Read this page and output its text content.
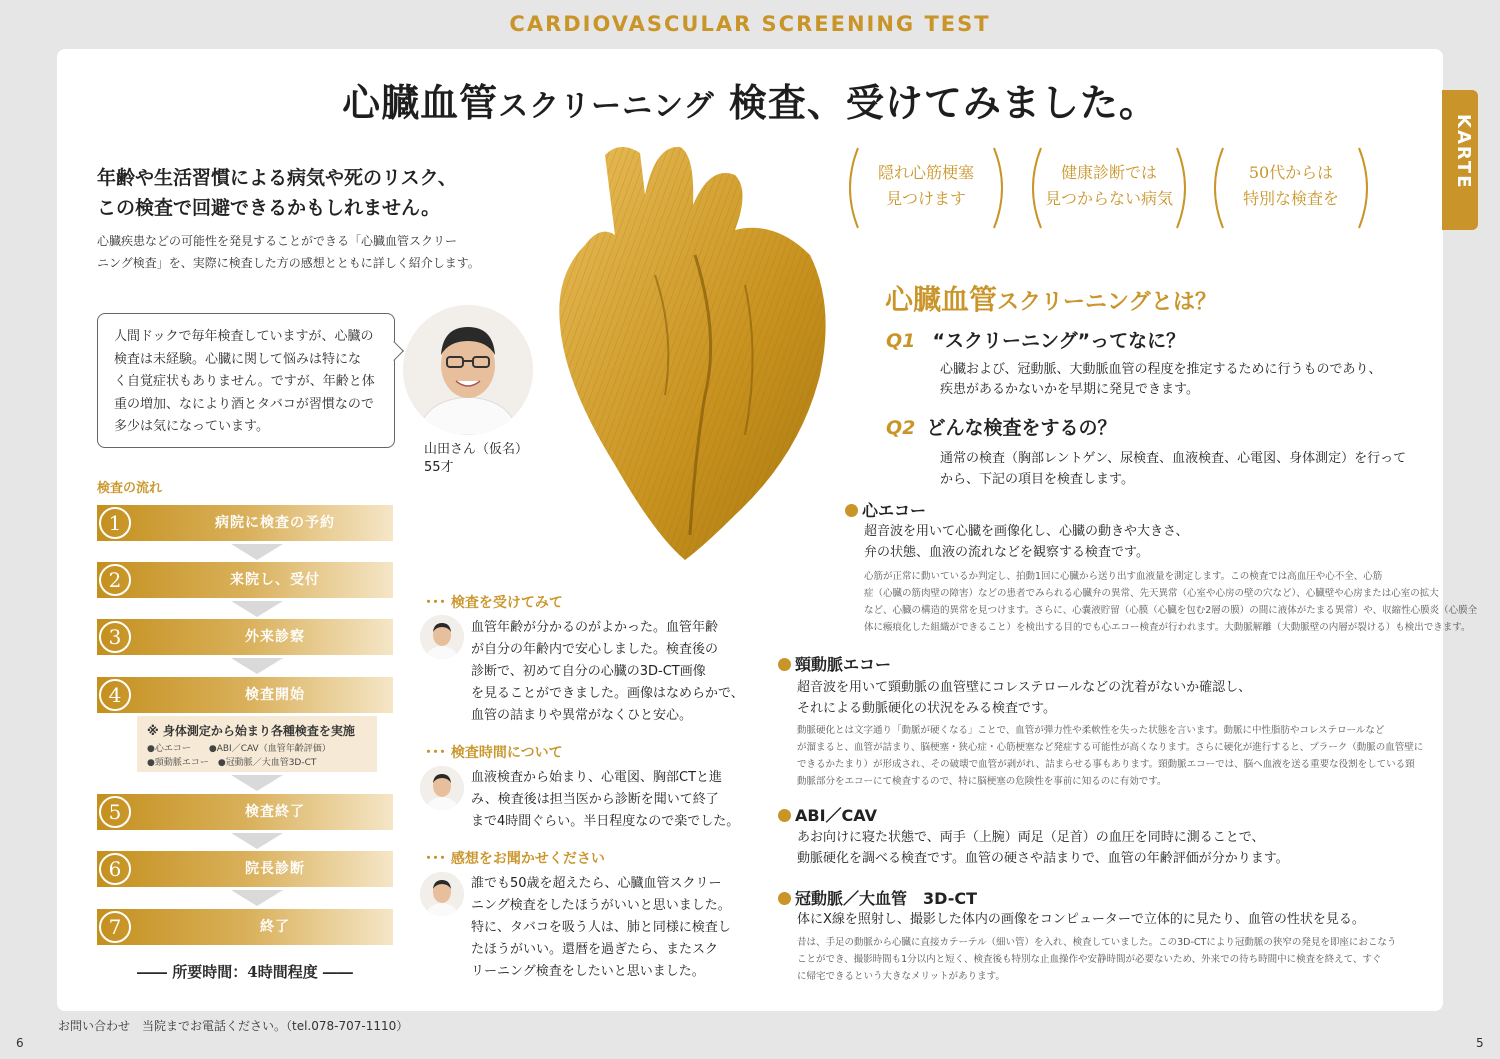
CARDIOVASCULAR SCREENING TEST
KARTE
心臓血管スクリーニング 検査、受けてみました。
年齢や生活習慣による病気や死のリスク、
この検査で回避できるかもしれません。
心臓疾患などの可能性を発見することができる「心臓血管スクリー
ニング検査」を、実際に検査した方の感想とともに詳しく紹介します。
人間ドックで毎年検査していますが、心臓の
検査は未経験。心臓に関して悩みは特にな
く自覚症状もありません。ですが、年齢と体
重の増加、なにより酒とタバコが習慣なので
多少は気になっています。
山田さん（仮名）
55才
隠れ心筋梗塞
見つけます
健康診断では
見つからない病気
50代からは
特別な検査を
心臓血管スクリーニングとは？
Q1 “スクリーニング”ってなに？
心臓および、冠動脈、大動脈血管の程度を推定するために行うものであり、
疾患があるかないかを早期に発見できます。
Q2 どんな検査をするの？
通常の検査（胸部レントゲン、尿検査、血液検査、心電図、身体測定）を行って
から、下記の項目を検査します。
心エコー
超音波を用いて心臓を画像化し、心臓の動きや大きさ、
弁の状態、血液の流れなどを観察する検査です。
心筋が正常に動いているか判定し、拍動1回に心臓から送り出す血液量を測定します。この検査では高血圧や心不全、心筋
症（心臓の筋肉壁の障害）などの患者でみられる心臓弁の異常、先天異常（心室や心房の壁の穴など）、心臓壁や心房または心室の拡大
など、心臓の構造的異常を見つけます。さらに、心嚢液貯留（心膜（心臓を包む2層の膜）の間に液体がたまる異常）や、収縮性心膜炎（心膜全
体に瘢痕化した組織ができること）を検出する目的でも心エコー検査が行われます。大動脈解離（大動脈壁の内層が裂ける）も検出できます。
頸動脈エコー
超音波を用いて頸動脈の血管壁にコレステロールなどの沈着がないか確認し、
それによる動脈硬化の状況をみる検査です。
動脈硬化とは文字通り「動脈が硬くなる」ことで、血管が弾力性や柔軟性を失った状態を言います。動脈に中性脂肪やコレステロールなど
が溜まると、血管が詰まり、脳梗塞・狭心症・心筋梗塞など発症する可能性が高くなります。さらに硬化が進行すると、プラーク（動脈の血管壁に
できるかたまり）が形成され、その破壊で血管が剥がれ、詰まらせる事もあります。頸動脈エコーでは、脳へ血液を送る重要な役割をしている頸
動脈部分をエコーにて検査するので、特に脳梗塞の危険性を事前に知るのに有効です。
ABI／CAV
あお向けに寝た状態で、両手（上腕）両足（足首）の血圧を同時に測ることで、
動脈硬化を調べる検査です。血管の硬さや詰まりで、血管の年齢評価が分かります。
冠動脈／大血管　3D-CT
体にX線を照射し、撮影した体内の画像をコンピューターで立体的に見たり、血管の性状を見る。
昔は、手足の動脈から心臓に直接カテーテル（細い管）を入れ、検査していました。この3D-CTにより冠動脈の狭窄の発見を即座におこなう
ことができ、撮影時間も1分以内と短く、検査後も特別な止血操作や安静時間が必要ないため、外来での待ち時間中に検査を終えて、すぐ
に帰宅できるという大きなメリットがあります。
検査の流れ
1	病院に検査の予約
2	来院し、受付
3	外来診察
4	検査開始
※ 身体測定から始まり各種検査を実施
●心エコー　　●ABI／CAV（血管年齢評価）
●頸動脈エコー　●冠動脈／大血管3D-CT
5	検査終了
6	院長診断
7	終了
―― 所要時間：4時間程度 ――
･･･ 検査を受けてみて
血管年齢が分かるのがよかった。血管年齢
が自分の年齢内で安心しました。検査後の
診断で、初めて自分の心臓の3D-CT画像
を見ることができました。画像はなめらかで、
血管の詰まりや異常がなくひと安心。
･･･ 検査時間について
血液検査から始まり、心電図、胸部CTと進
み、検査後は担当医から診断を聞いて終了
まで4時間ぐらい。半日程度なので楽でした。
･･･ 感想をお聞かせください
誰でも50歳を超えたら、心臓血管スクリー
ニング検査をしたほうがいいと思いました。
特に、タバコを吸う人は、肺と同様に検査し
たほうがいい。還暦を過ぎたら、またスク
リーニング検査をしたいと思いました。
お問い合わせ　当院までお電話ください。（tel.078-707-1110）
6	5
